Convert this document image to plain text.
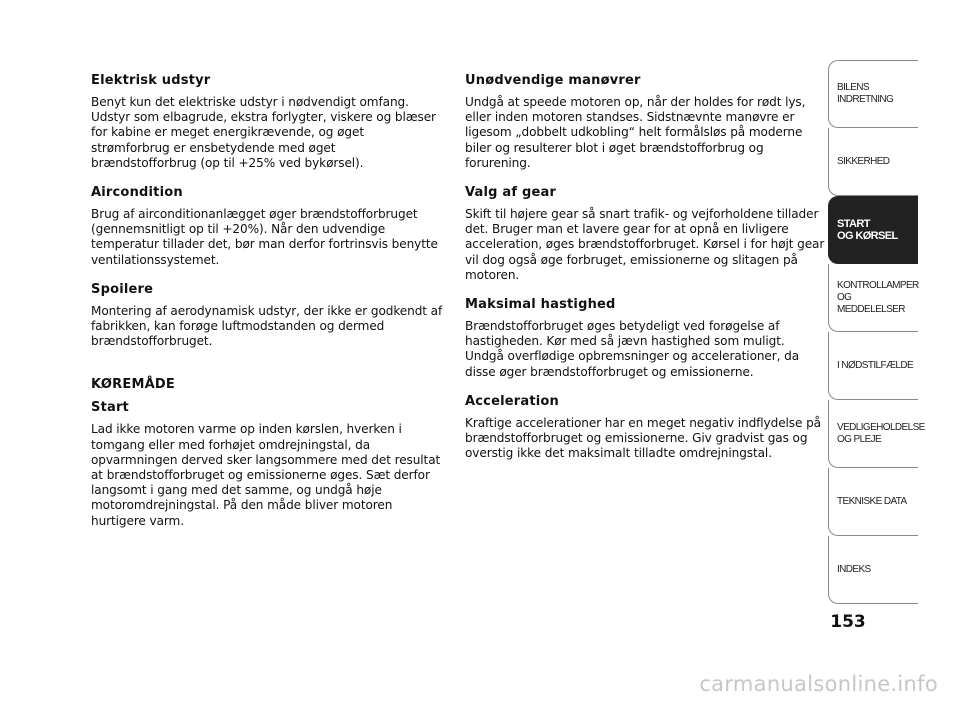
Elektrisk udstyr

Benyt kun det elektriske udstyr i nødvendigt omfang. Udstyr som elbagrude, ekstra forlygter, viskere og blæser for kabine er meget energikrævende, og øget strømforbrug er ensbetydende med øget brændstofforbrug (op til +25% ved bykørsel).

Aircondition

Brug af airconditionanlægget øger brændstofforbruget (gennemsnitligt op til +20%). Når den udvendige temperatur tillader det, bør man derfor fortrinsvis benytte ventilationssystemet.

Spoilere

Montering af aerodynamisk udstyr, der ikke er godkendt af fabrikken, kan forøge luftmodstanden og dermed brændstofforbruget.

KØREMÅDE
Start

Lad ikke motoren varme op inden kørslen, hverken i tomgang eller med forhøjet omdrejningstal, da opvarmningen derved sker langsommere med det resultat at brændstofforbruget og emissionerne øges. Sæt derfor langsomt i gang med det samme, og undgå høje motoromdrejningstal. På den måde bliver motoren hurtigere varm.

Unødvendige manøvrer

Undgå at speede motoren op, når der holdes for rødt lys, eller inden motoren standses. Sidstnævnte manøvre er ligesom „dobbelt udkobling“ helt formålsløs på moderne biler og resulterer blot i øget brændstofforbrug og forurening.

Valg af gear

Skift til højere gear så snart trafik- og vejforholdene tillader det. Bruger man et lavere gear for at opnå en livligere acceleration, øges brændstofforbruget. Kørsel i for højt gear vil dog også øge forbruget, emissionerne og slitagen på motoren.

Maksimal hastighed

Brændstofforbruget øges betydeligt ved forøgelse af hastigheden. Kør med så jævn hastighed som muligt. Undgå overflødige opbremsninger og accelerationer, da disse øger brændstofforbruget og emissionerne.

Acceleration

Kraftige accelerationer har en meget negativ indflydelse på brændstofforbruget og emissionerne. Giv gradvist gas og overstig ikke det maksimalt tilladte omdrejningstal.

BILENS
INDRETNING
SIKKERHED
START
OG KØRSEL
KONTROLLAMPER
OG MEDDELELSER
I NØDSTILFÆLDE
VEDLIGEHOLDELSE
OG PLEJE
TEKNISKE DATA
INDEKS
153
carmanualsonline.info
